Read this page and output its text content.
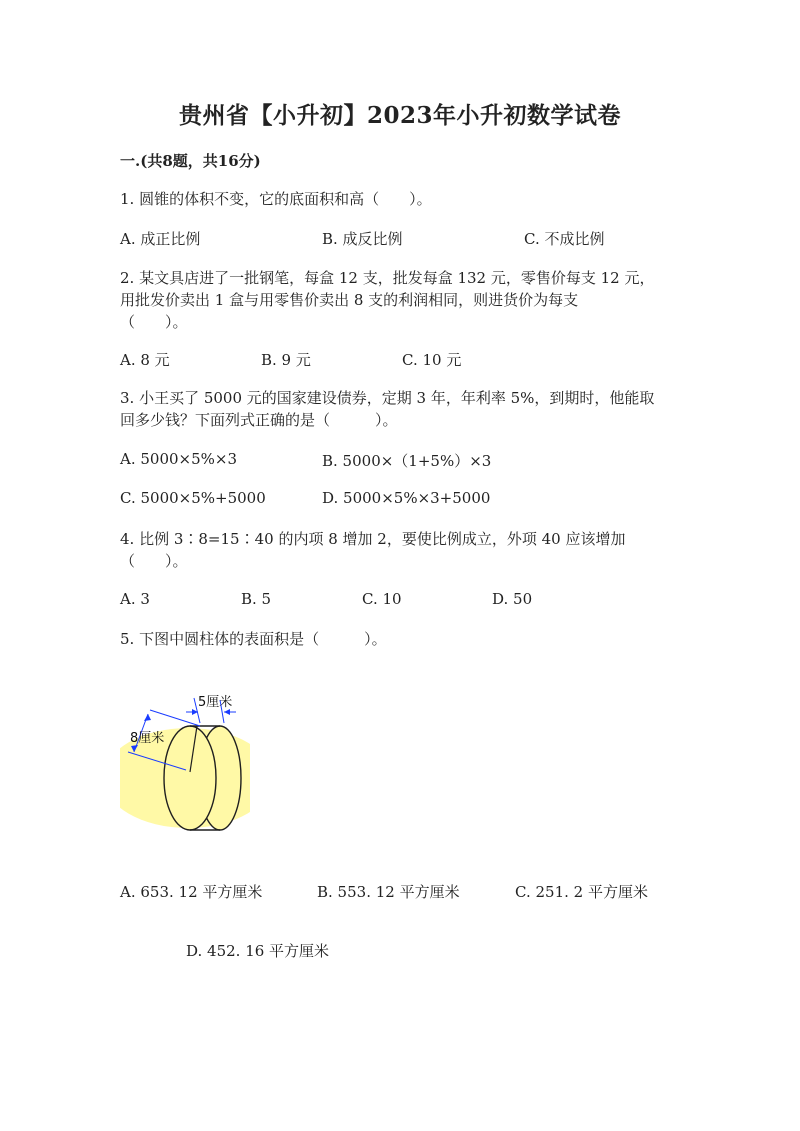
贵州省【小升初】2023年小升初数学试卷
一.(共8题，共16分)
1. 圆锥的体积不变，它的底面积和高（　　）。
A. 成正比例	B. 成反比例	C. 不成比例
2. 某文具店进了一批钢笔，每盒 12 支，批发每盒 132 元，零售价每支 12 元，
用批发价卖出 1 盒与用零售价卖出 8 支的利润相同，则进货价为每支
（　　）。
A. 8 元	B. 9 元	C. 10 元
3. 小王买了 5000 元的国家建设债券，定期 3 年，年利率 5%，到期时，他能取
回多少钱？下面列式正确的是（　　　）。
A. 5000×5%×3	B. 5000×（1+5%）×3
C. 5000×5%+5000	D. 5000×5%×3+5000
4. 比例 3∶8=15∶40 的内项 8 增加 2，要使比例成立，外项 40 应该增加
（　　）。
A. 3	B. 5	C. 10	D. 50
5. 下图中圆柱体的表面积是（　　　）。
5厘米
8厘米
A. 653. 12 平方厘米	B. 553. 12 平方厘米	C. 251. 2 平方厘米
D. 452. 16 平方厘米
